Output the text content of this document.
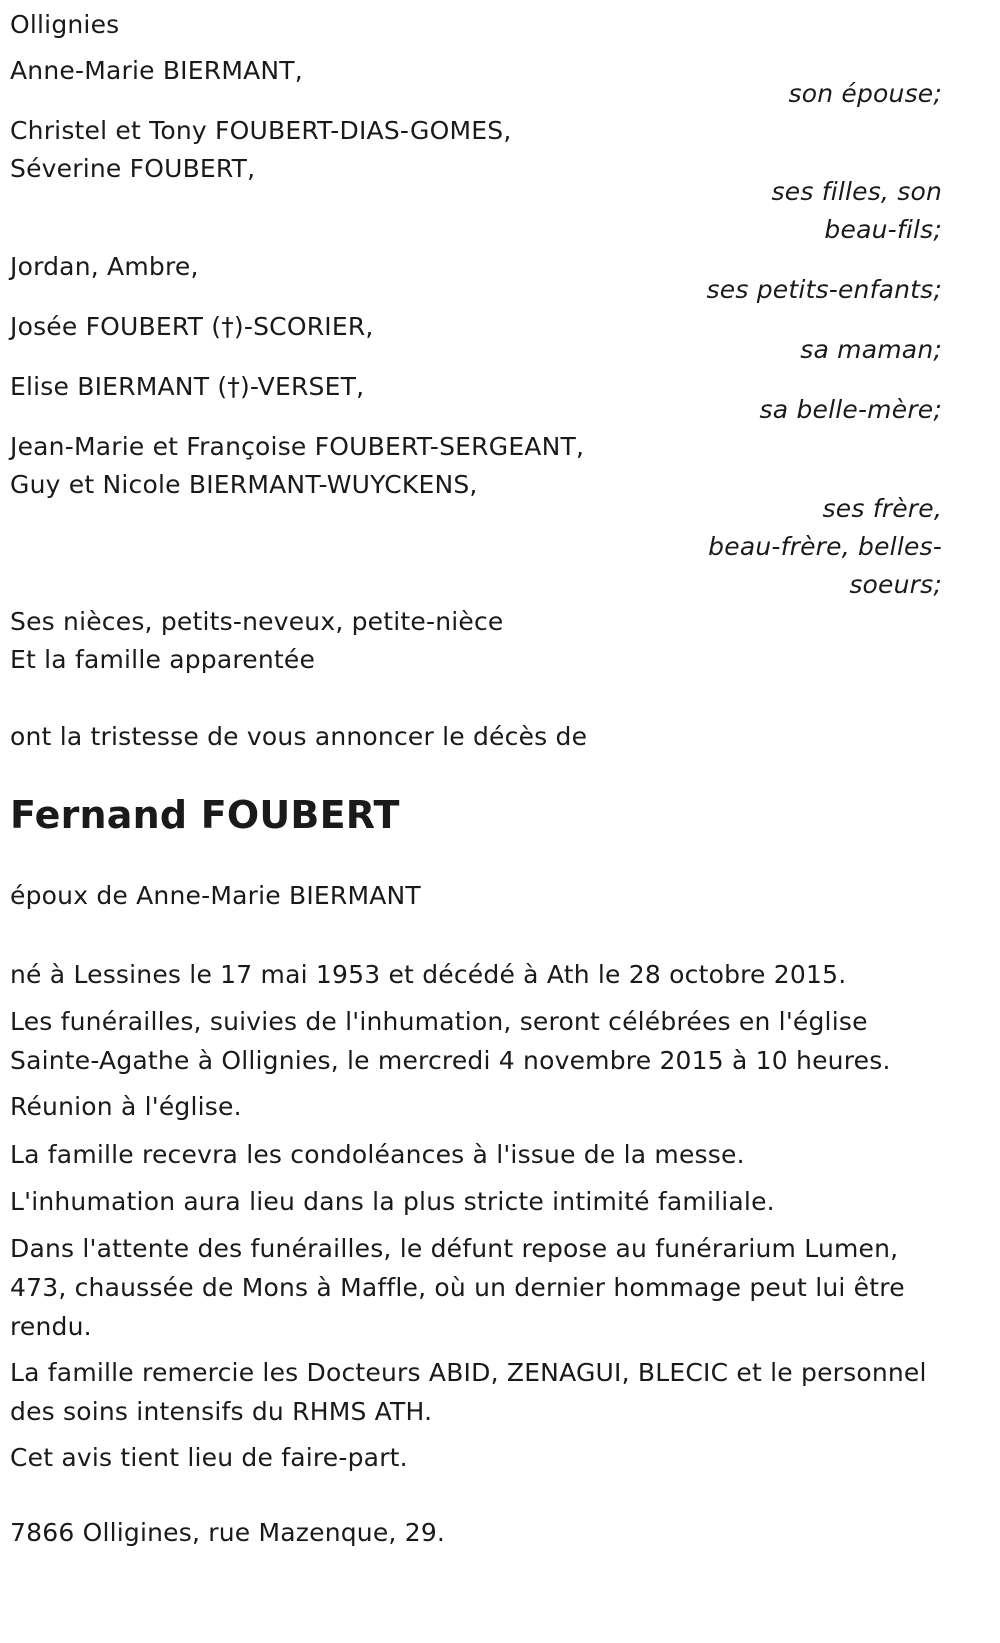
Ollignies
Anne-Marie BIERMANT,
son épouse;
Christel et Tony FOUBERT-DIAS-GOMES,
Séverine FOUBERT,
ses filles, son
beau-fils;
Jordan, Ambre,
ses petits-enfants;
Josée FOUBERT (†)-SCORIER,
sa maman;
Elise BIERMANT (†)-VERSET,
sa belle-mère;
Jean-Marie et Françoise FOUBERT-SERGEANT,
Guy et Nicole BIERMANT-WUYCKENS,
ses frère,
beau-frère, belles-
soeurs;
Ses nièces, petits-neveux, petite-nièce
Et la famille apparentée
ont la tristesse de vous annoncer le décès de
Fernand FOUBERT
époux de Anne-Marie BIERMANT
né à Lessines le 17 mai 1953 et décédé à Ath le 28 octobre 2015.
Les funérailles, suivies de l'inhumation, seront célébrées en l'église Sainte-Agathe à Ollignies, le mercredi 4 novembre 2015 à 10 heures.
Réunion à l'église.
La famille recevra les condoléances à l'issue de la messe.
L'inhumation aura lieu dans la plus stricte intimité familiale.
Dans l'attente des funérailles, le défunt repose au funérarium Lumen, 473, chaussée de Mons à Maffle, où un dernier hommage peut lui être rendu.
La famille remercie les Docteurs ABID, ZENAGUI, BLECIC et le personnel des soins intensifs du RHMS ATH.
Cet avis tient lieu de faire-part.
7866 Olligines, rue Mazenque, 29.
